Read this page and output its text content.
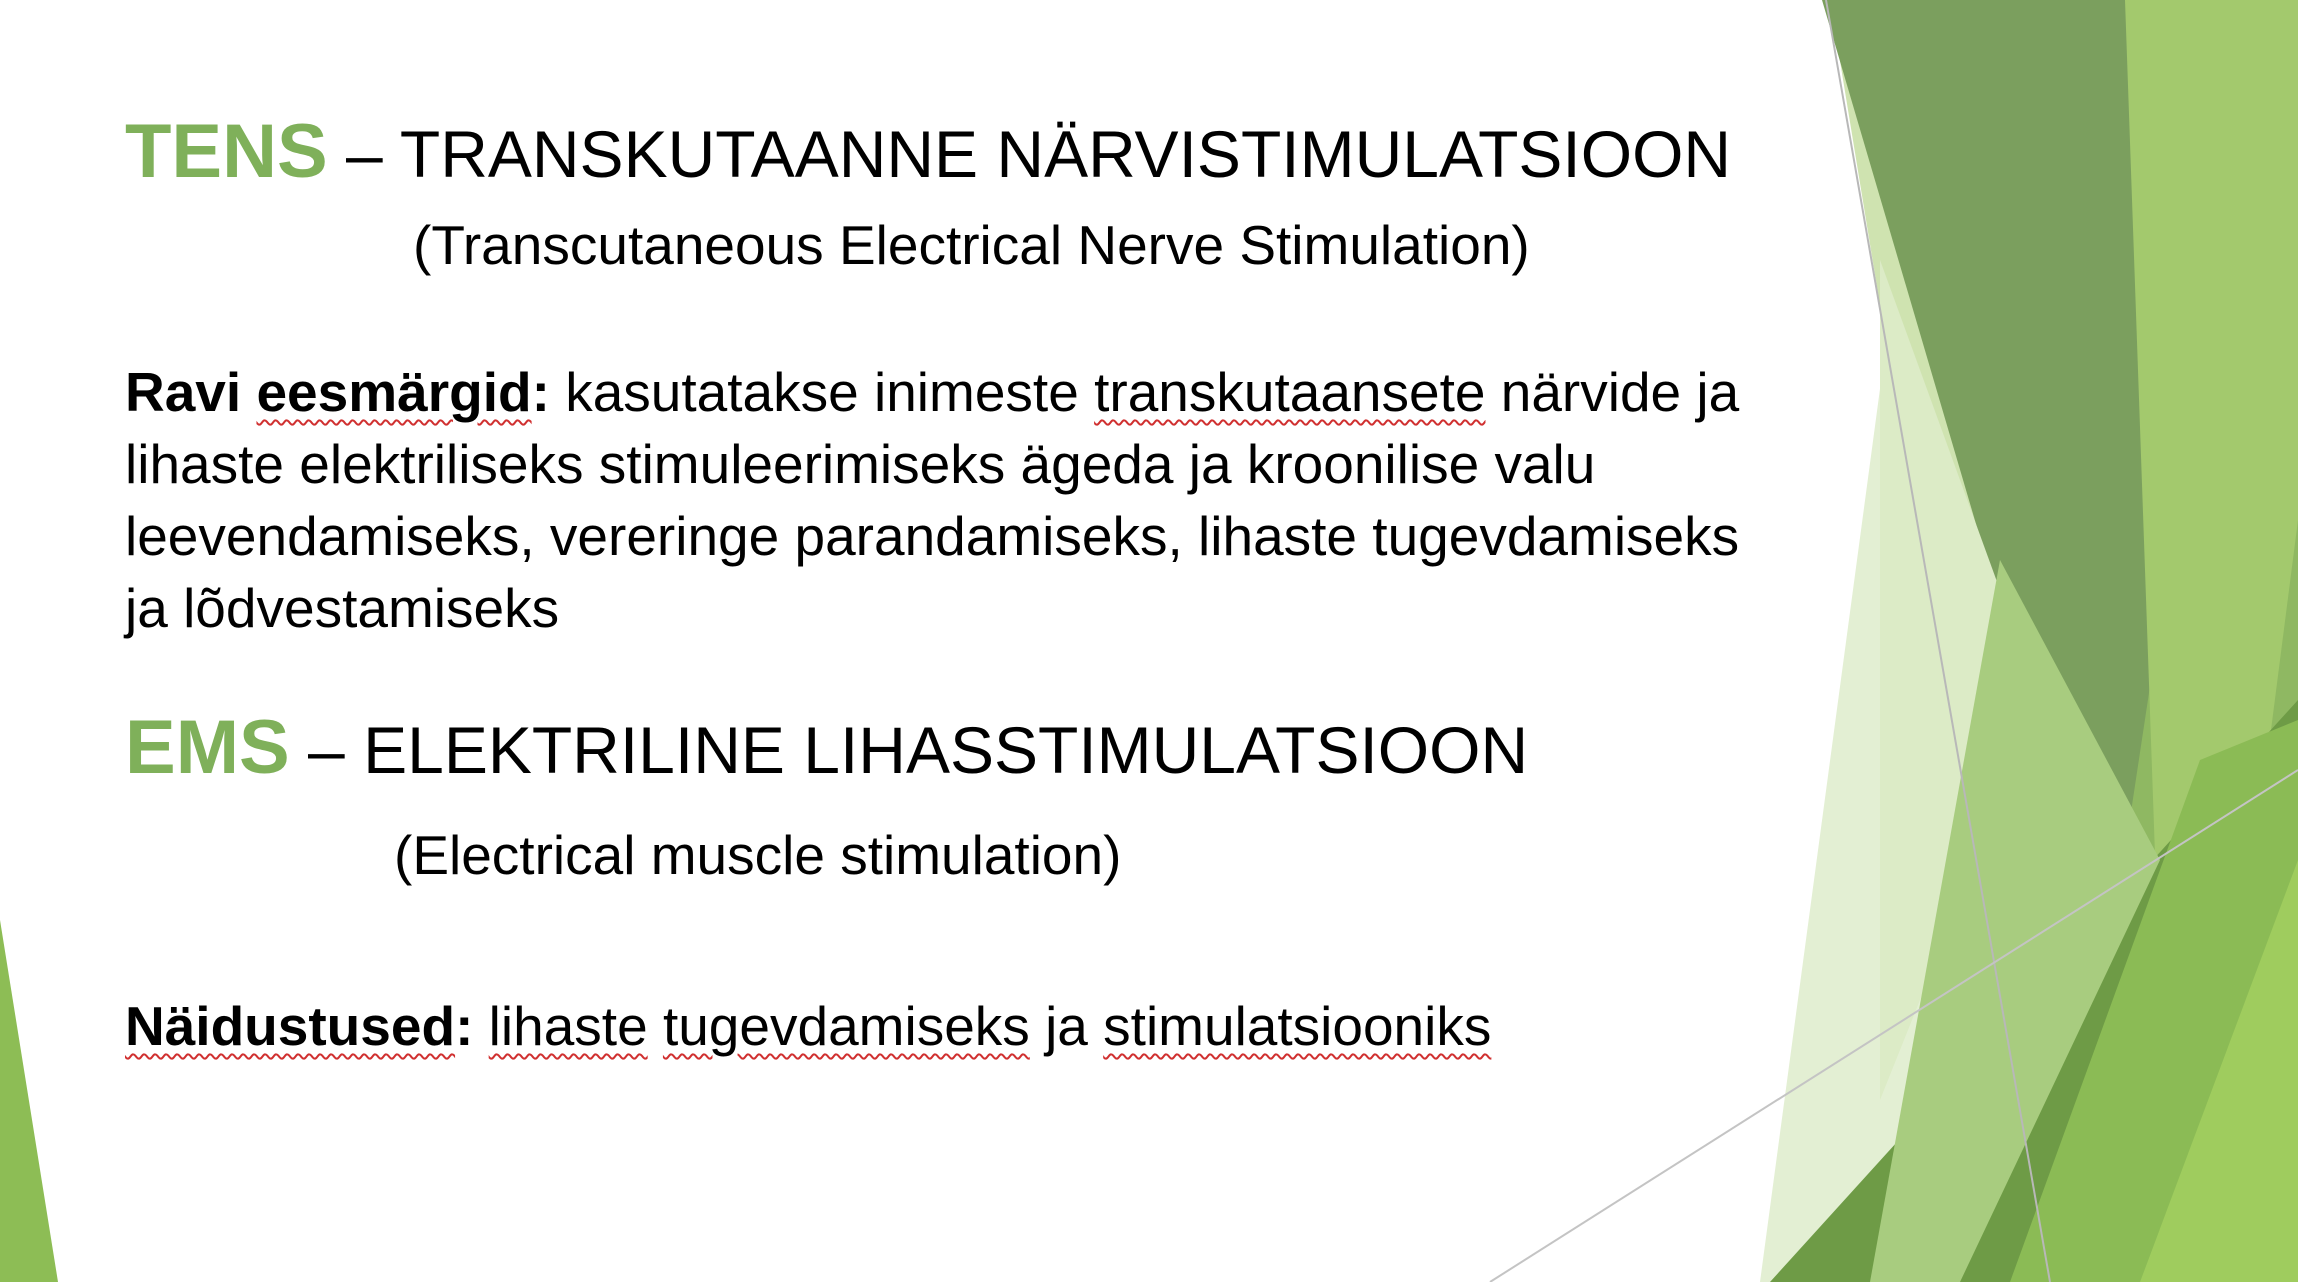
TENS – TRANSKUTAANNE NÄRVISTIMULATSIOON
(Transcutaneous Electrical Nerve Stimulation)
Ravi eesmärgid: kasutatakse inimeste transkutaansete närvide ja
lihaste elektriliseks stimuleerimiseks ägeda ja kroonilise valu
leevendamiseks, vereringe parandamiseks, lihaste tugevdamiseks
ja lõdvestamiseks
EMS – ELEKTRILINE LIHASSTIMULATSIOON
(Electrical muscle stimulation)
Näidustused: lihaste tugevdamiseks ja stimulatsiooniks
